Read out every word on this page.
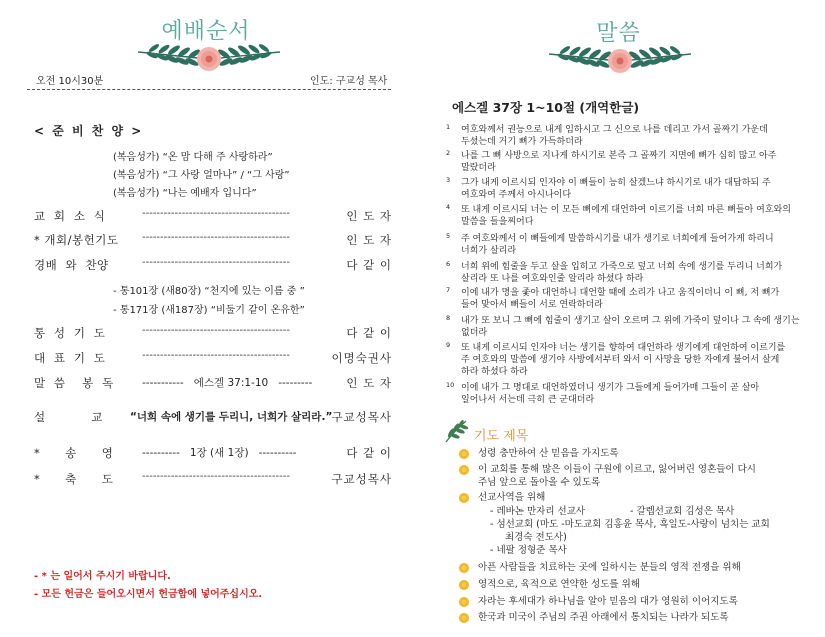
예배순서
오전 10시30분	인도: 구교성 목사
< 준 비 찬 양 >
(복음성가) “온 맘 다해 주 사랑하라”
(복음성가) “그 사랑 얼마나” / “그 사랑”
(복음성가) “나는 예배자 입니다”
교  회  소  식	-----------------------------------------	인 도 자
* 개회/봉헌기도 -----------------------------------------	인 도 자
경배  와  찬양	-----------------------------------------	다 같 이
- 통101장 (새80장) “천지에 있는 이름 중 ”
- 통171장 (새187장) “비둘기 같이 온유한”
통  성  기  도	-----------------------------------------	다 같 이
대  표  기  도	-----------------------------------------	이명숙권사
말  씀    봉  독	-----------   에스겔 37:1-10   ---------	인 도 자
설           교	“너희 속에 생기를 두리니, 너희가 살리라.” 구교성목사
*      송      영	----------   1장 (새 1장)   ----------	다 같 이
*      축      도	-----------------------------------------	구교성목사
- * 는 일어서 주시기 바랍니다.
- 모든 헌금은 들어오시면서 헌금함에 넣어주십시오.
말씀
에스겔 37장 1~10절 (개역한글)
1 여호와께서 권능으로 내게 임하시고 그 신으로 나를 데리고 가서 골짜기 가운데
두셨는데 거기 뼈가 가득하더라
2 나를 그 뼈 사방으로 지나게 하시기로 본즉 그 골짜기 지면에 뼈가 심히 많고 아주
말랐더라
3 그가 내게 이르시되 인자야 이 뼈들이 능히 살겠느냐 하시기로 내가 대답하되 주
여호와여 주께서 아시나이다
4 또 내게 이르시되 너는 이 모든 뼈에게 대언하여 이르기를 너희 마른 뼈들아 여호와의
말씀을 들을찌어다
5 주 여호와께서 이 뼈들에게 말씀하시기를 내가 생기로 너희에게 들어가게 하리니
너희가 살리라
6 너희 위에 힘줄을 두고 살을 입히고 가죽으로 덮고 너희 속에 생기를 두리니 너희가
살리라 또 나를 여호와인줄 알리라 하셨다 하라
7 이에 내가 명을 좇아 대언하니 대언할 때에 소리가 나고 움직이더니 이 뼈, 저 뼈가
들어 맞아서 뼈들이 서로 연락하더라
8 내가 또 보니 그 뼈에 힘줄이 생기고 살이 오르며 그 위에 가죽이 덮이나 그 속에 생기는
없더라
9 또 내게 이르시되 인자야 너는 생기를 향하여 대언하라 생기에게 대언하여 이르기를
주 여호와의 말씀에 생기야 사방에서부터 와서 이 사망을 당한 자에게 불어서 살게
하라 하셨다 하라
10 이에 내가 그 명대로 대언하였더니 생기가 그들에게 들어가매 그들이 곧 살아
일어나서 서는데 극히 큰 군대더라
기도 제목
성령 충만하여 산 믿음을 가지도록
이 교회를 통해 많은 이들이 구원에 이르고, 잃어버린 영혼들이 다시
주님 앞으로 돌아올 수 있도록
선교사역을 위해
- 레바논 만자리 선교사	- 갈렙선교회 김성은 목사
- 섬선교회 (마도 -마도교회 김홍윤 목사, 흑일도-사랑이 넘치는 교회
최경숙 전도사)
- 네팔 정형준 목사
아픈 사람들을 치료하는 곳에 일하시는 분들의 영적 전쟁을 위해
영적으로, 육적으로 연약한 성도를 위해
자라는 후세대가 하나님을 알아 믿음의 대가 영원히 이어지도록
한국과 미국이 주님의 주권 아래에서 통치되는 나라가 되도록
